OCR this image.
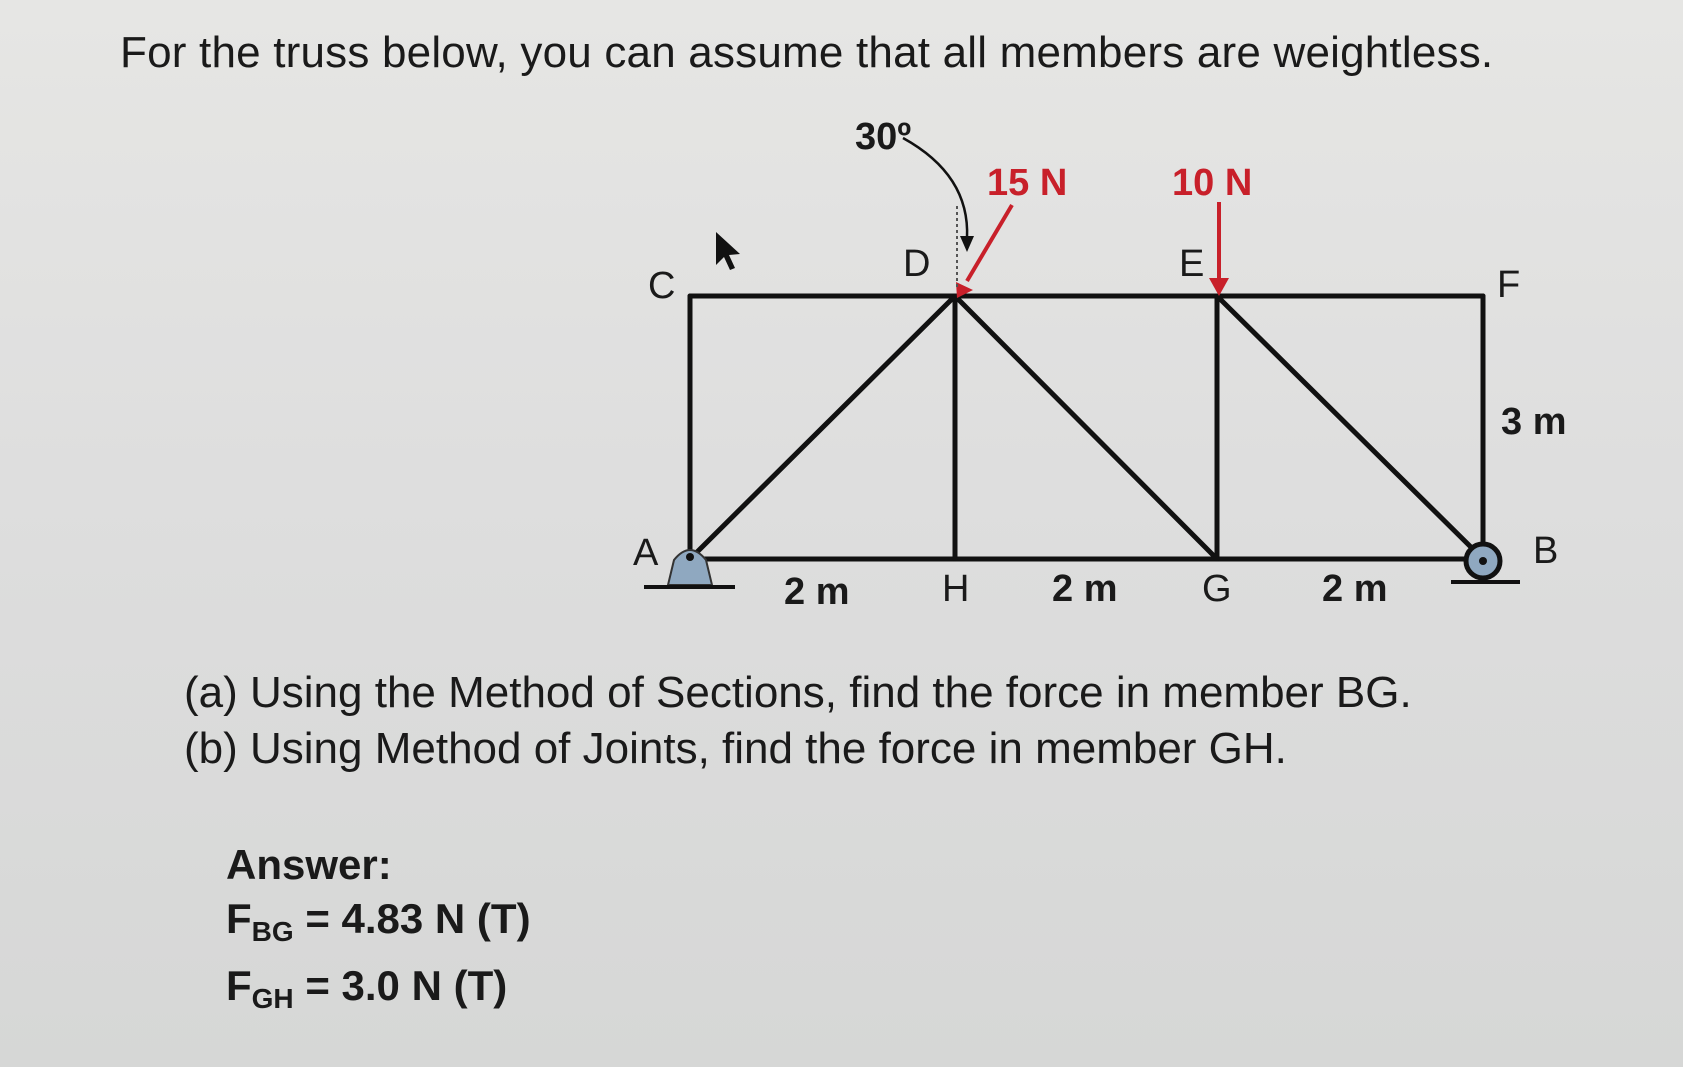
For the truss below, you can assume that all members are weightless.
30º
15 N	10 N
C
D	E	F
A	B
H	G
2 m	2 m	2 m
3 m
(a) Using the Method of Sections, find the force in member BG.
(b) Using Method of Joints, find the force in member GH.
Answer:
$F_{BG} = 4.83$ N (T)
$F_{GH} = 3.0$ N (T)
